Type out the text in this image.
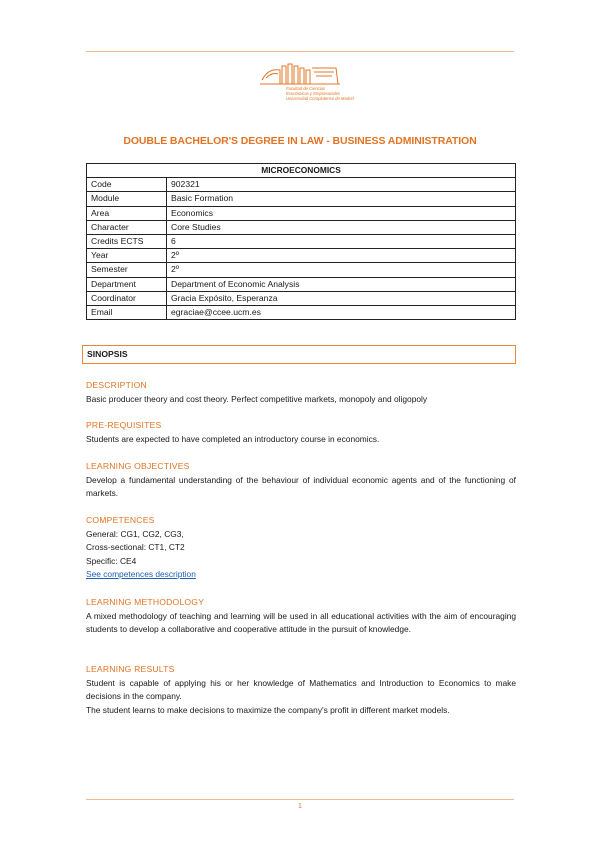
Facultad de Ciencias
Económicas y Empresariales
Universidad Complutense de Madrid
DOUBLE BACHELOR'S DEGREE IN LAW - BUSINESS ADMINISTRATION
MICROECONOMICS	
Code	902321
Module	Basic Formation
Area	Economics
Character	Core Studies
Credits ECTS	6
Year	2º
Semester	2º
Department	Department of Economic Analysis
Coordinator	Gracia Expósito, Esperanza
Email	egraciae@ccee.ucm.es
SINOPSIS
DESCRIPTION
Basic producer theory and cost theory. Perfect competitive markets, monopoly and oligopoly
PRE-REQUISITES
Students are expected to have completed an introductory course in economics.
LEARNING OBJECTIVES
Develop a fundamental understanding of the behaviour of individual economic agents and of the functioning of markets.
COMPETENCES
General: CG1, CG2, CG3,
Cross-sectional: CT1, CT2
Specific: CE4
See competences description
LEARNING METHODOLOGY
A mixed methodology of teaching and learning will be used in all educational activities with the aim of encouraging students to develop a collaborative and cooperative attitude in the pursuit of knowledge.
LEARNING RESULTS
Student is capable of applying his or her knowledge of Mathematics and Introduction to Economics to make decisions in the company.
The student learns to make decisions to maximize the company's profit in different market models.
1
